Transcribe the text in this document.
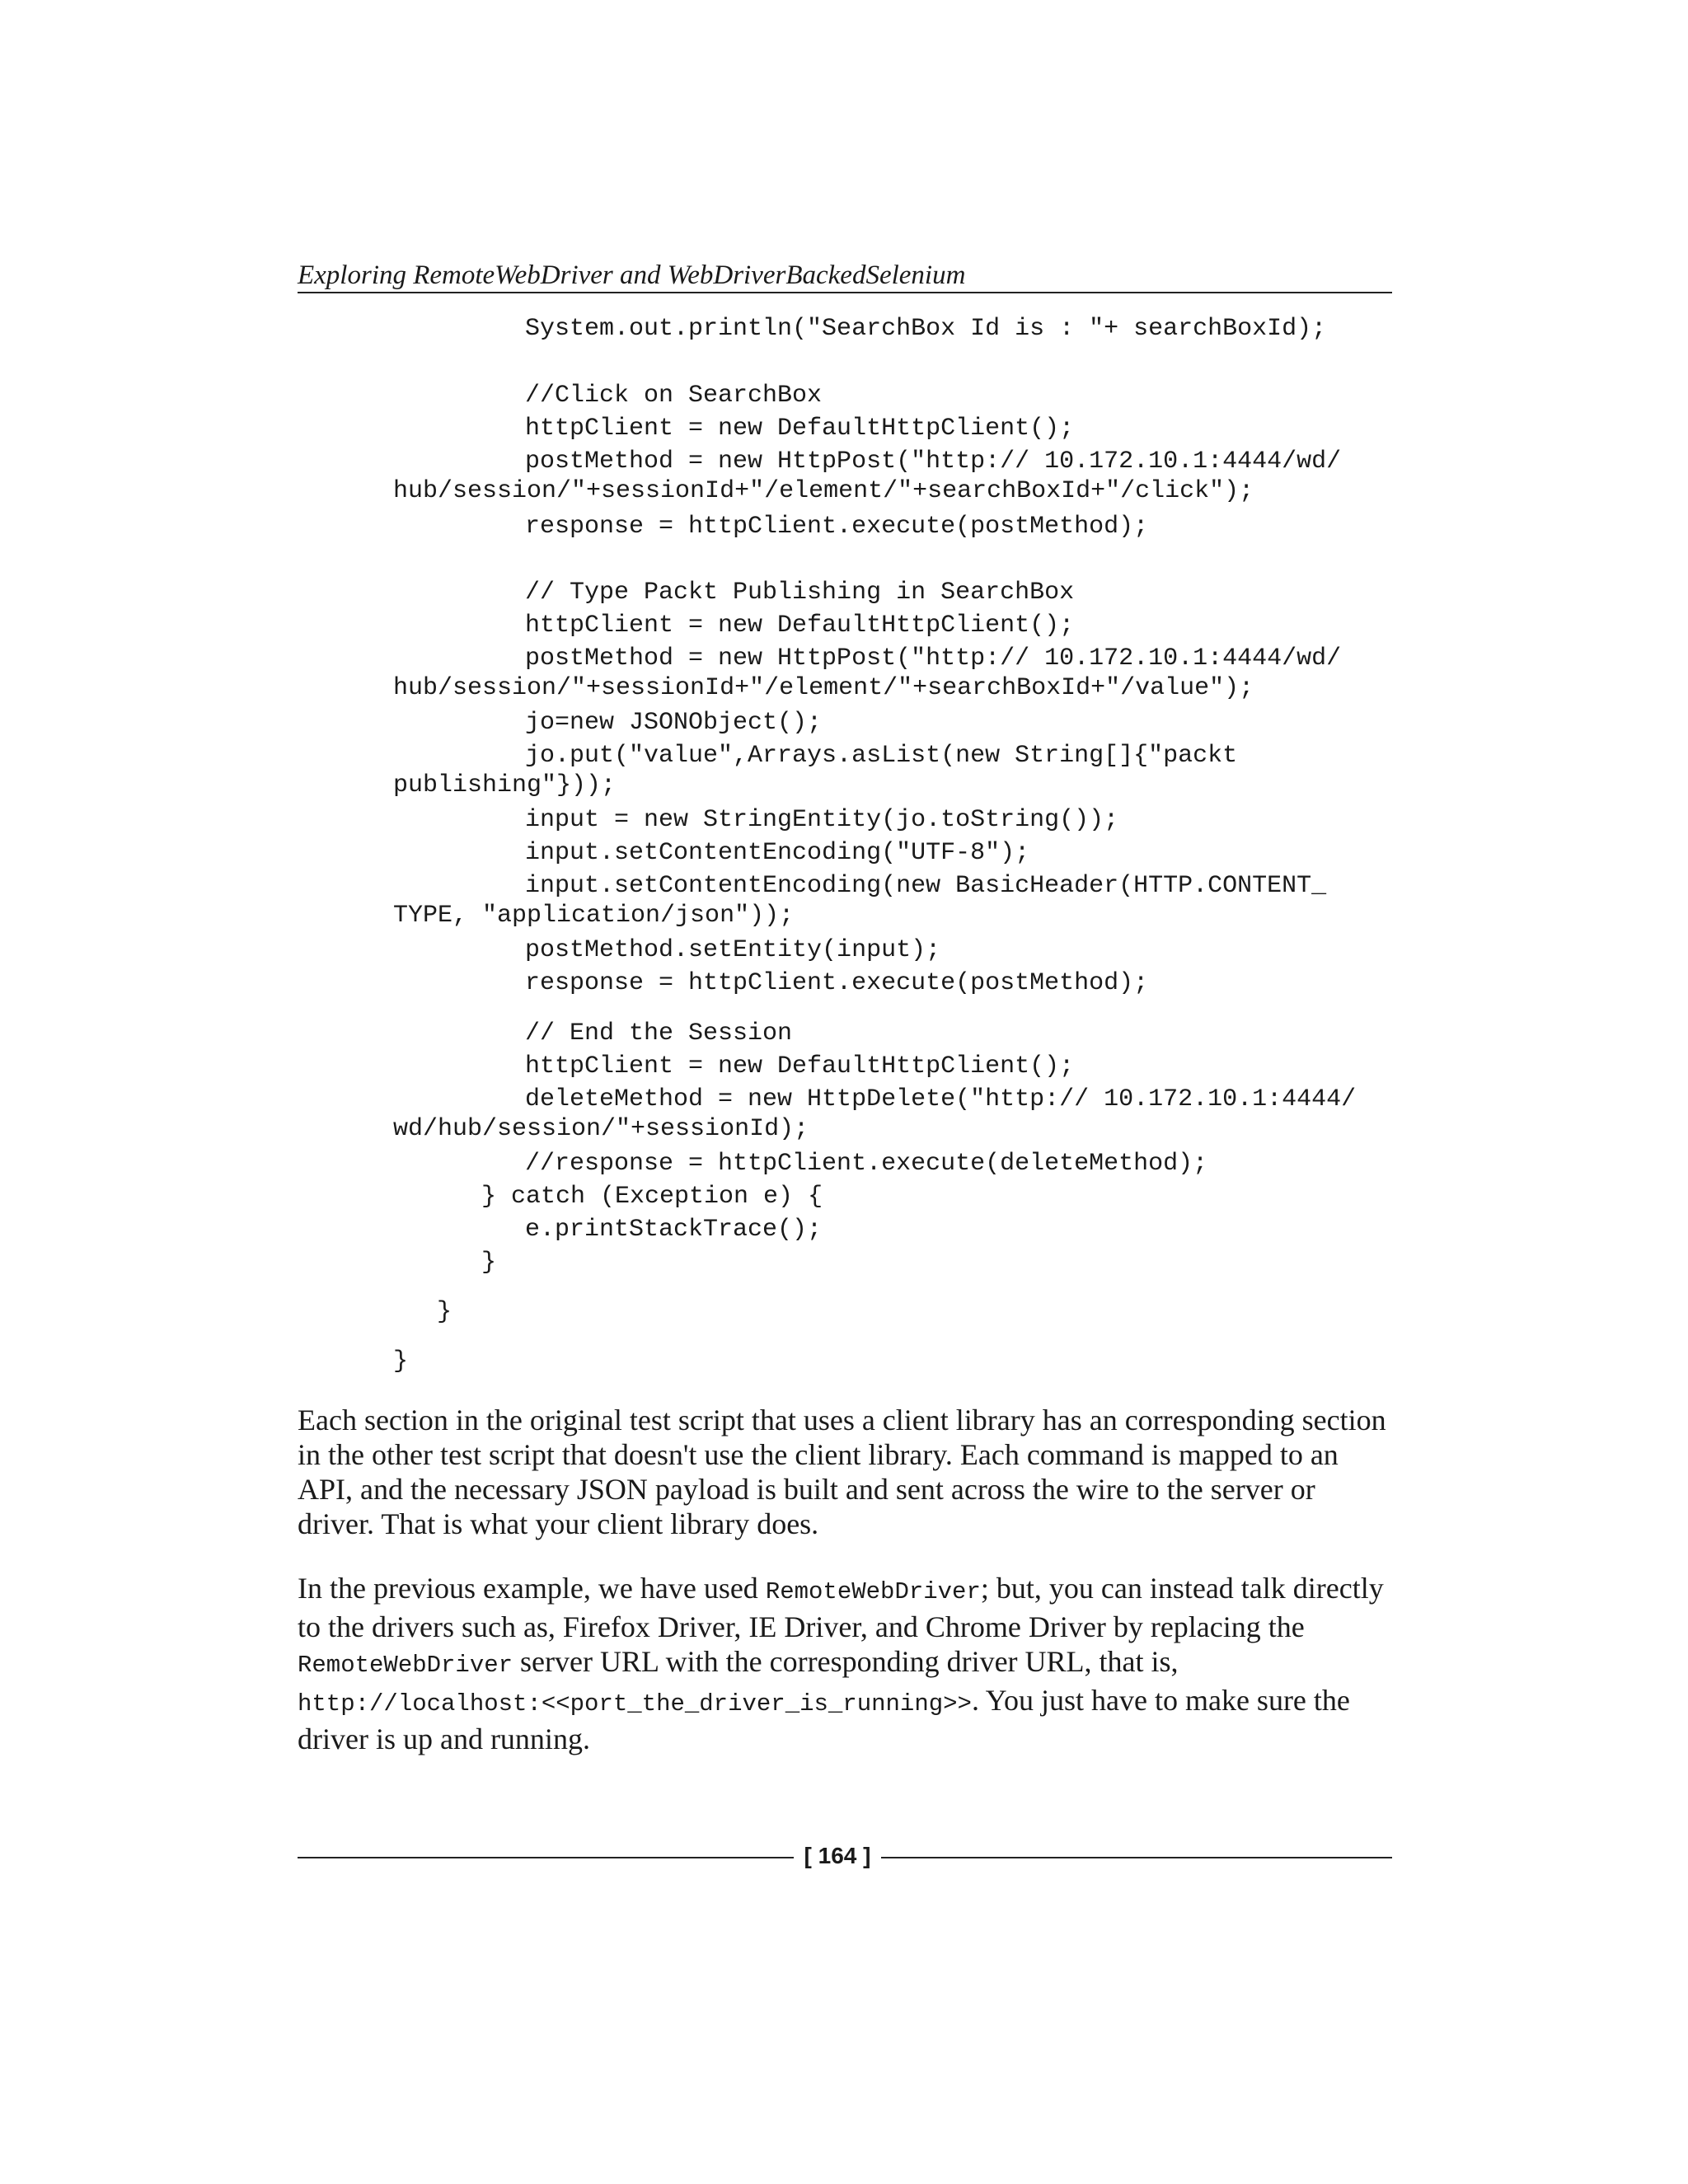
Exploring RemoteWebDriver and WebDriverBackedSelenium
System.out.println("SearchBox Id is : "+ searchBoxId);
//Click on SearchBox
httpClient = new DefaultHttpClient();
postMethod = new HttpPost("http:// 10.172.10.1:4444/wd/
hub/session/"+sessionId+"/element/"+searchBoxId+"/click");
response = httpClient.execute(postMethod);
// Type Packt Publishing in SearchBox
httpClient = new DefaultHttpClient();
postMethod = new HttpPost("http:// 10.172.10.1:4444/wd/
hub/session/"+sessionId+"/element/"+searchBoxId+"/value");
jo=new JSONObject();
jo.put("value",Arrays.asList(new String[]{"packt
publishing"}));
input = new StringEntity(jo.toString());
input.setContentEncoding("UTF-8");
input.setContentEncoding(new BasicHeader(HTTP.CONTENT_
TYPE, "application/json"));
postMethod.setEntity(input);
response = httpClient.execute(postMethod);
// End the Session
httpClient = new DefaultHttpClient();
deleteMethod = new HttpDelete("http:// 10.172.10.1:4444/
wd/hub/session/"+sessionId);
//response = httpClient.execute(deleteMethod);
} catch (Exception e) {
e.printStackTrace();
}
}
}

Each section in the original test script that uses a client library has an corresponding section in the other test script that doesn't use the client library. Each command is mapped to an API, and the necessary JSON payload is built and sent across the wire to the server or driver. That is what your client library does.

In the previous example, we have used RemoteWebDriver; but, you can instead talk directly to the drivers such as, Firefox Driver, IE Driver, and Chrome Driver by replacing the RemoteWebDriver server URL with the corresponding driver URL, that is, http://localhost:<<port_the_driver_is_running>>. You just have to make sure the driver is up and running.

[ 164 ]
